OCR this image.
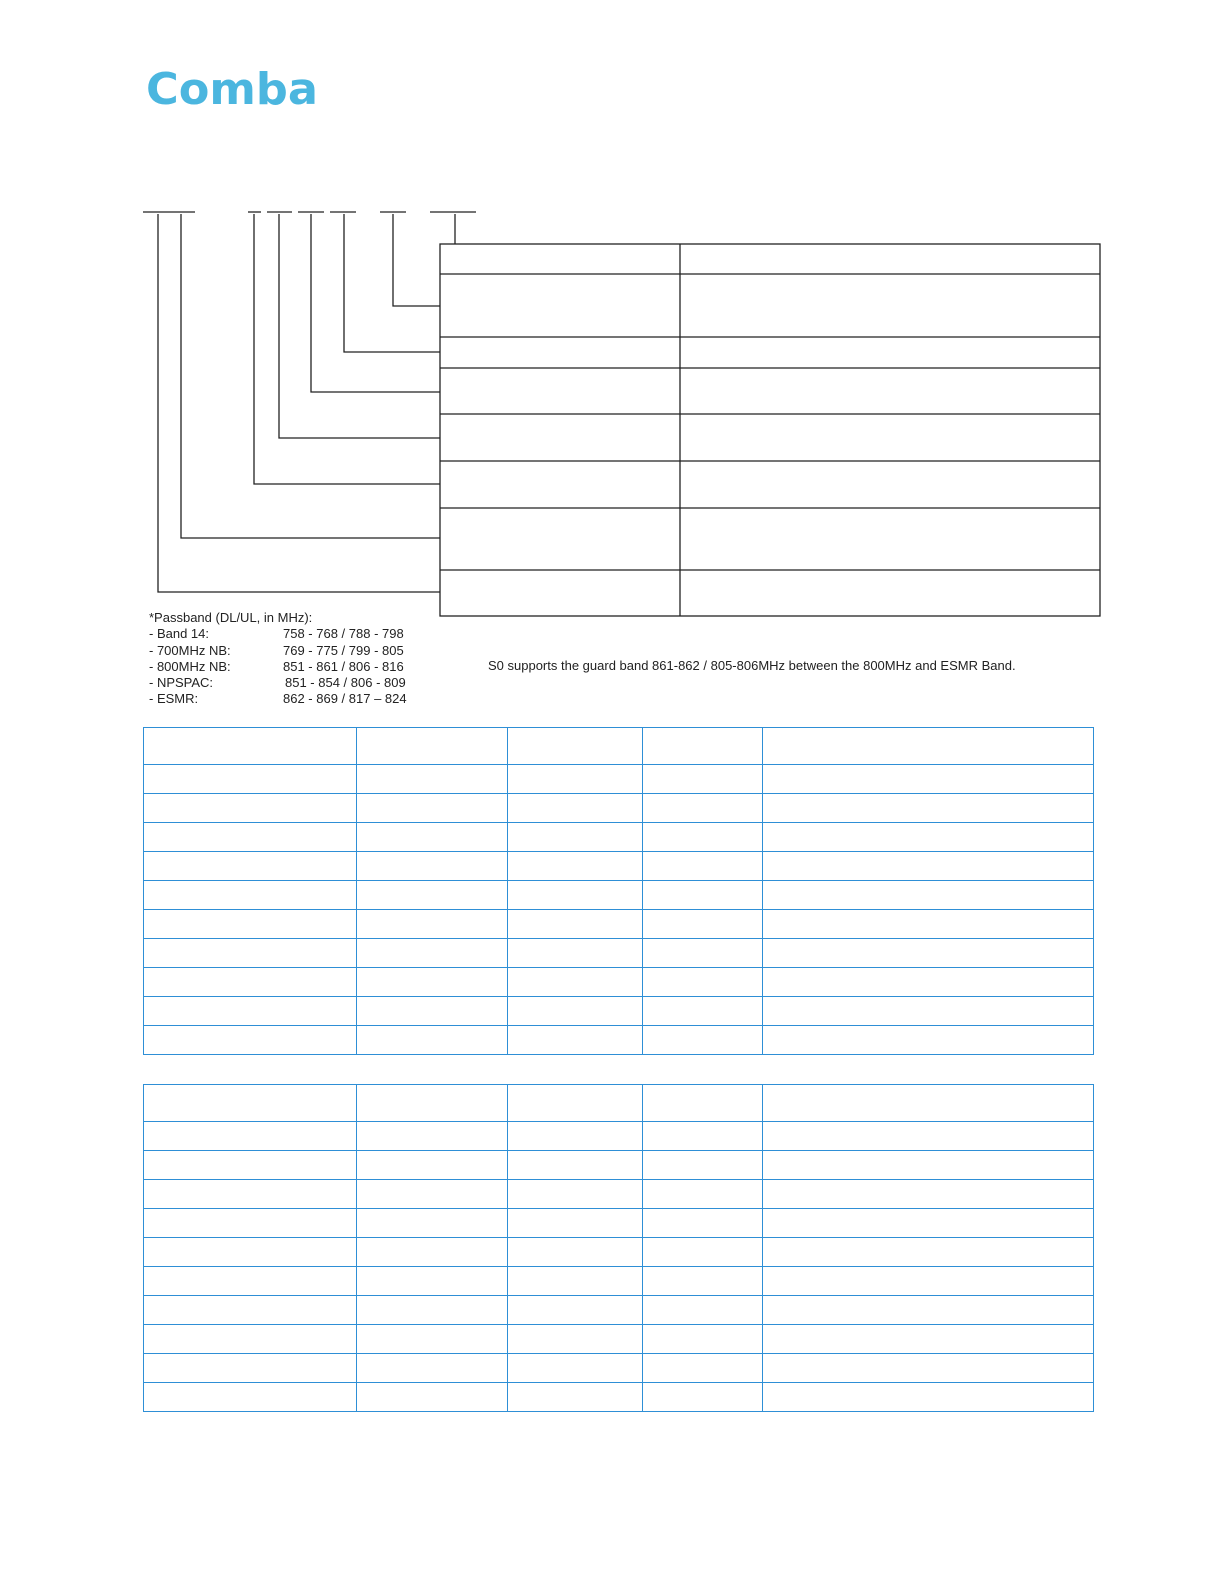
Comba
*Passband (DL/UL, in MHz):
- Band 14:	758 - 768 / 788 - 798
- 700MHz NB:	769 - 775 / 799 - 805
- 800MHz NB:	851 - 861 / 806 - 816
- NPSPAC:	851 - 854 / 806 - 809
- ESMR:	862 - 869 / 817 – 824
S0 supports the guard band 861-862 / 805-806MHz between the 800MHz and ESMR Band.
